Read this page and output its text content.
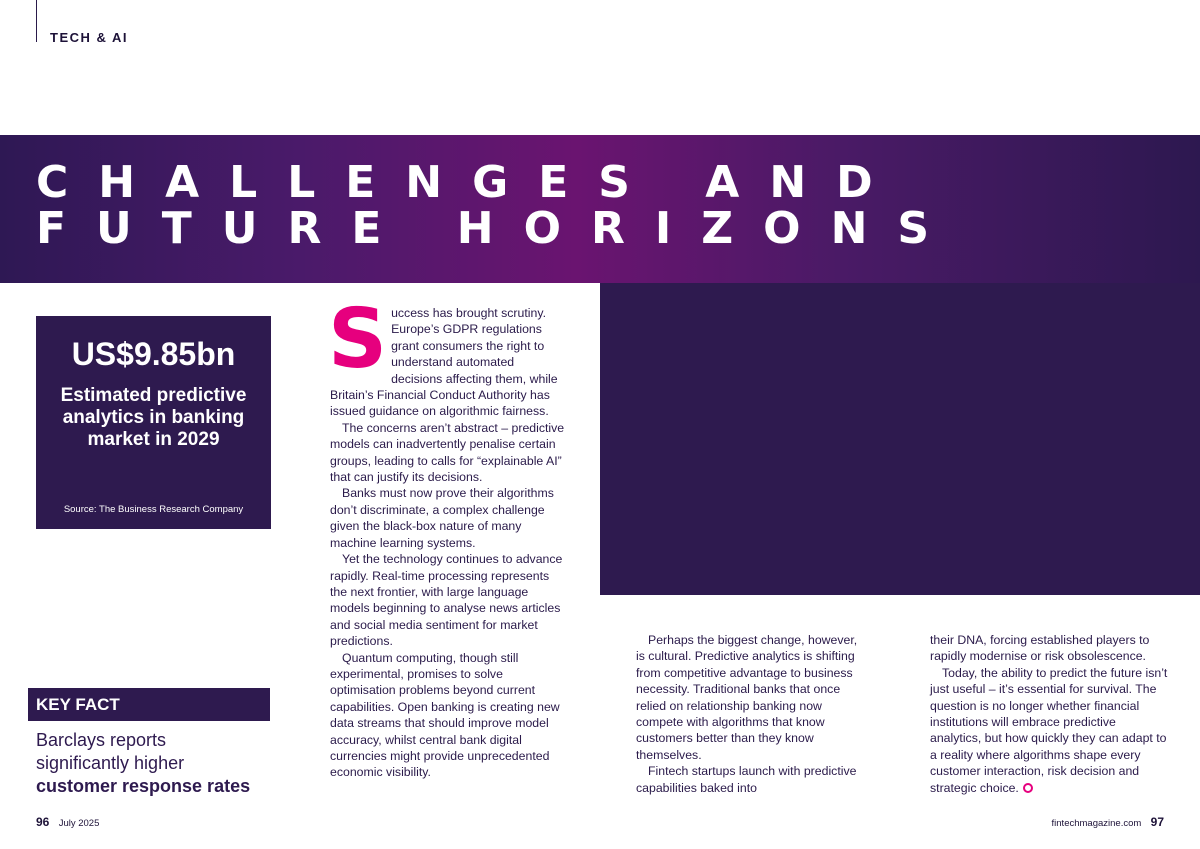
TECH & AI
CHALLENGES AND
FUTURE HORIZONS
US$9.85bn
Estimated predictive analytics in banking market in 2029
Source: The Business Research Company

Success has brought scrutiny. Europe’s GDPR regulations grant consumers the right to understand automated decisions affecting them, while Britain’s Financial Conduct Authority has issued guidance on algorithmic fairness.

The concerns aren’t abstract – predictive models can inadvertently penalise certain groups, leading to calls for “explainable AI” that can justify its decisions.

Banks must now prove their algorithms don’t discriminate, a complex challenge given the black-box nature of many machine learning systems.

Yet the technology continues to advance rapidly. Real-time processing represents the next frontier, with large language models beginning to analyse news articles and social media sentiment for market predictions.

Quantum computing, though still experimental, promises to solve optimisation problems beyond current capabilities. Open banking is creating new data streams that should improve model accuracy, whilst central bank digital currencies might provide unprecedented economic visibility.

Perhaps the biggest change, however, is cultural. Predictive analytics is shifting from competitive advantage to business necessity. Traditional banks that once relied on relationship banking now compete with algorithms that know customers better than they know themselves.

Fintech startups launch with predictive capabilities baked into

their DNA, forcing established players to rapidly modernise or risk obsolescence.

Today, the ability to predict the future isn’t just useful – it’s essential for survival. The question is no longer whether financial institutions will embrace predictive analytics, but how quickly they can adapt to a reality where algorithms shape every customer interaction, risk decision and strategic choice.

KEY FACT
Barclays reports
significantly higher
customer response rates
96 July 2025	fintechmagazine.com 97
